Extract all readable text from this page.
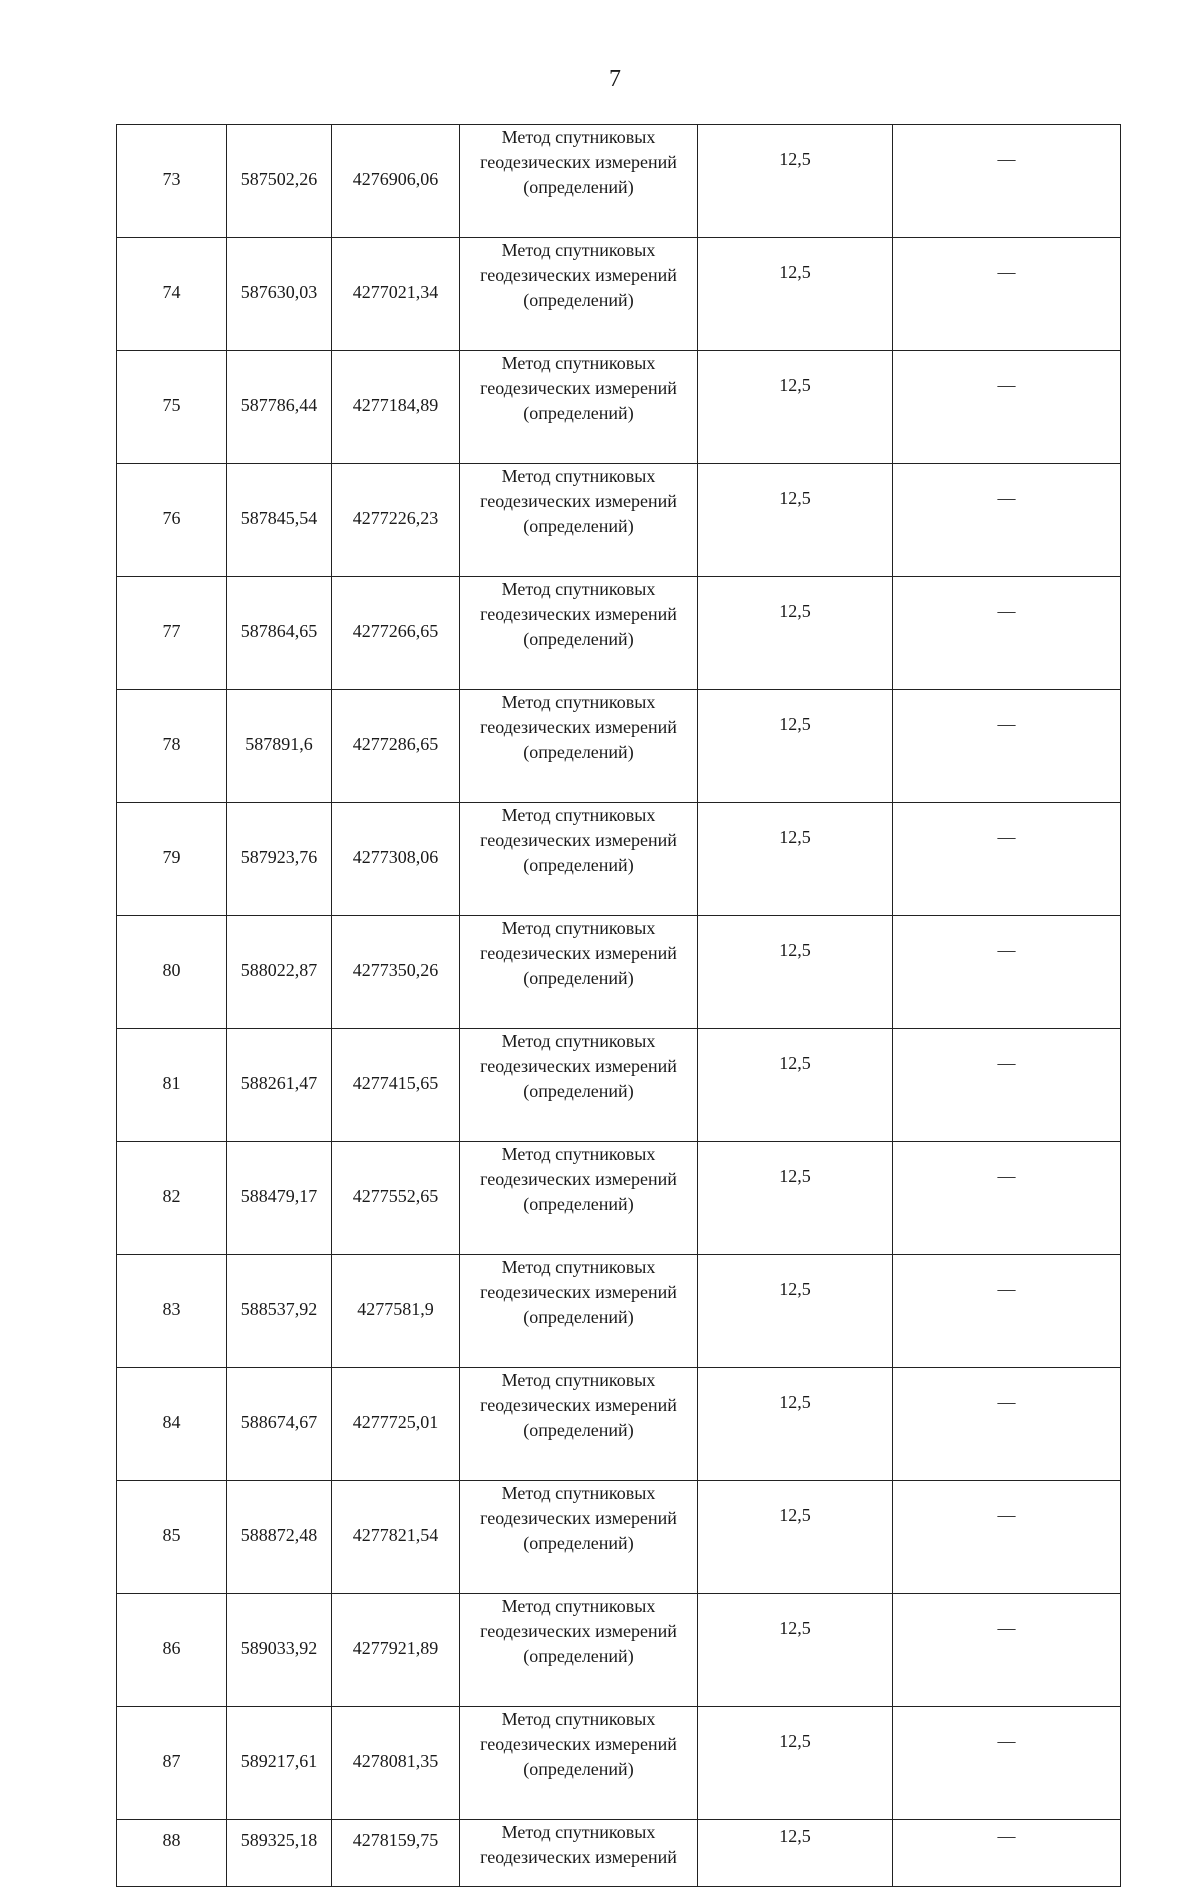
7
73	587502,26	4276906,06	Метод спутниковых
геодезических измерений
(определений)	12,5	—
74	587630,03	4277021,34	Метод спутниковых
геодезических измерений
(определений)	12,5	—
75	587786,44	4277184,89	Метод спутниковых
геодезических измерений
(определений)	12,5	—
76	587845,54	4277226,23	Метод спутниковых
геодезических измерений
(определений)	12,5	—
77	587864,65	4277266,65	Метод спутниковых
геодезических измерений
(определений)	12,5	—
78	587891,6	4277286,65	Метод спутниковых
геодезических измерений
(определений)	12,5	—
79	587923,76	4277308,06	Метод спутниковых
геодезических измерений
(определений)	12,5	—
80	588022,87	4277350,26	Метод спутниковых
геодезических измерений
(определений)	12,5	—
81	588261,47	4277415,65	Метод спутниковых
геодезических измерений
(определений)	12,5	—
82	588479,17	4277552,65	Метод спутниковых
геодезических измерений
(определений)	12,5	—
83	588537,92	4277581,9	Метод спутниковых
геодезических измерений
(определений)	12,5	—
84	588674,67	4277725,01	Метод спутниковых
геодезических измерений
(определений)	12,5	—
85	588872,48	4277821,54	Метод спутниковых
геодезических измерений
(определений)	12,5	—
86	589033,92	4277921,89	Метод спутниковых
геодезических измерений
(определений)	12,5	—
87	589217,61	4278081,35	Метод спутниковых
геодезических измерений
(определений)	12,5	—
88	589325,18	4278159,75	Метод спутниковых
геодезических измерений	12,5	—
